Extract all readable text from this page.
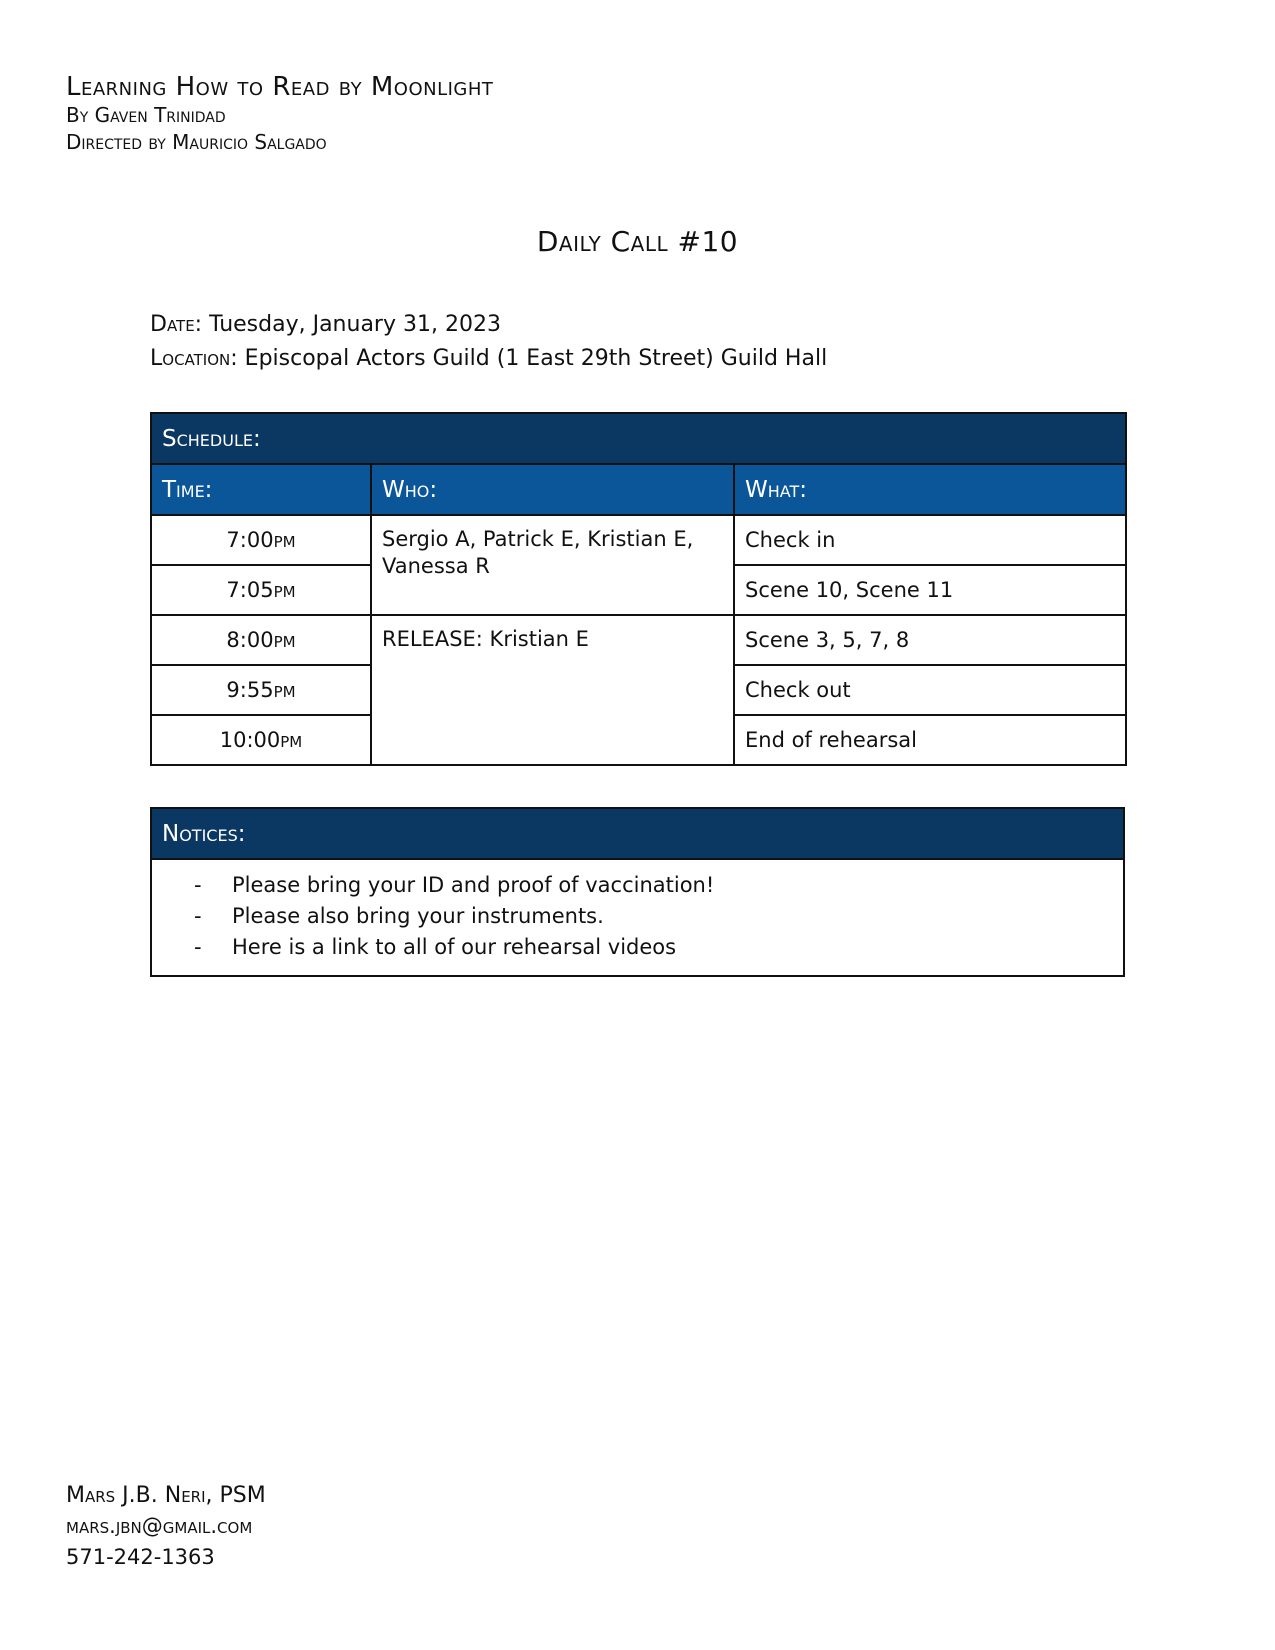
Learning How to Read by Moonlight
By Gaven Trinidad
Directed by Mauricio Salgado
Daily Call #10
Date: Tuesday, January 31, 2023
Location: Episcopal Actors Guild (1 East 29th Street) Guild Hall
Schedule:		
Time:	Who:	What:
7:00pm	Sergio A, Patrick E, Kristian E, Vanessa R	Check in
7:05pm		Scene 10, Scene 11
8:00pm	RELEASE: Kristian E	Scene 3, 5, 7, 8
9:55pm		Check out
10:00pm		End of rehearsal
Notices:

-	Please bring your ID and proof of vaccination!
-	Please also bring your instruments.
-	Here is a link to all of our rehearsal videos
Mars J.B. Neri, PSM
mars.jbn@gmail.com
571-242-1363
